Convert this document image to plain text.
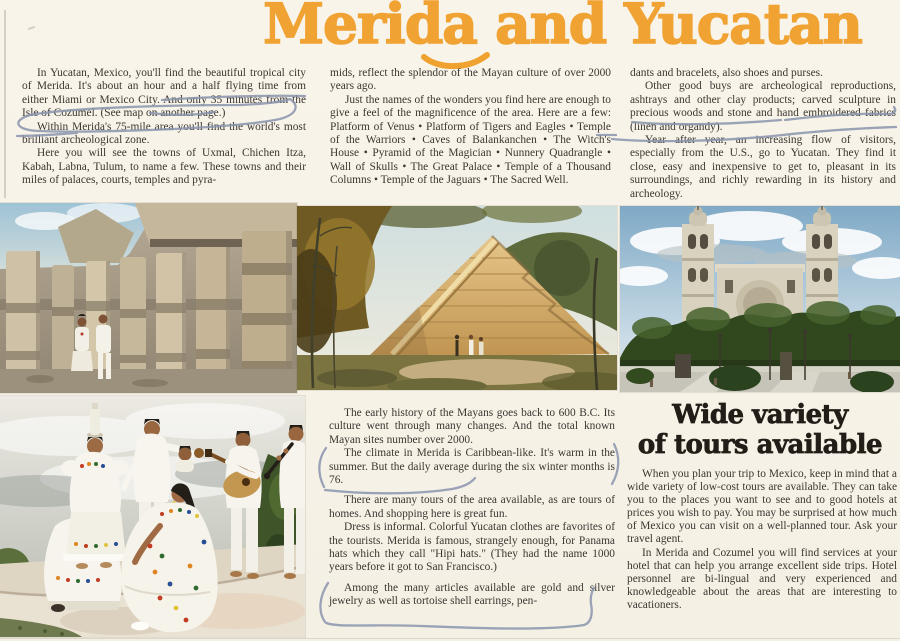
Merida and Yucatan

In Yucatan, Mexico, you'll find the beautiful tropical city of Merida. It's about an hour and a half flying time from either Miami or Mexico City. And only 35 minutes from the Isle of Cozumel. (See map on another page.)

Within Merida's 75-mile area you'll find the world's most brilliant archeological zone.

Here you will see the towns of Uxmal, Chichen Itza, Kabah, Labna, Tulum, to name a few. These towns and their miles of palaces, courts, temples and pyra-

mids, reflect the splendor of the Mayan culture of over 2000 years ago.

Just the names of the wonders you find here are enough to give a feel of the magnificence of the area. Here are a few: Platform of Venus • Platform of Tigers and Eagles • Temple of the Warriors • Caves of Balankanchen • The Witch's House • Pyramid of the Magician • Nunnery Quadrangle • Wall of Skulls • The Great Palace • Temple of a Thousand Columns • Temple of the Jaguars • The Sacred Well.

dants and bracelets, also shoes and purses.

Other good buys are archeological reproductions, ashtrays and other clay products; carved sculpture in precious woods and stone and hand embroidered fabrics (linen and organdy).

Year after year, an increasing flow of visitors, especially from the U.S., go to Yucatan. They find it close, easy and inexpensive to get to, pleasant in its surroundings, and richly rewarding in its history and archeology.

The early history of the Mayans goes back to 600 B.C. Its culture went through many changes. And the total known Mayan sites number over 2000.

The climate in Merida is Caribbean-like. It's warm in the summer. But the daily average during the six winter months is 76.

There are many tours of the area available, as are tours of homes. And shopping here is great fun.

Dress is informal. Colorful Yucatan clothes are favorites of the tourists. Merida is famous, strangely enough, for Panama hats which they call "Hipi hats." (They had the name 1000 years before it got to San Francisco.)

Among the many articles available are gold and silver jewelry as well as tortoise shell earrings, pen-

Wide variety
of tours available

When you plan your trip to Mexico, keep in mind that a wide variety of low-cost tours are available. They can take you to the places you want to see and to good hotels at prices you wish to pay. You may be surprised at how much of Mexico you can visit on a well-planned tour. Ask your travel agent.

In Merida and Cozumel you will find services at your hotel that can help you arrange excellent side trips. Hotel personnel are bi-lingual and very experienced and knowledgeable about the areas that are interesting to vacationers.
